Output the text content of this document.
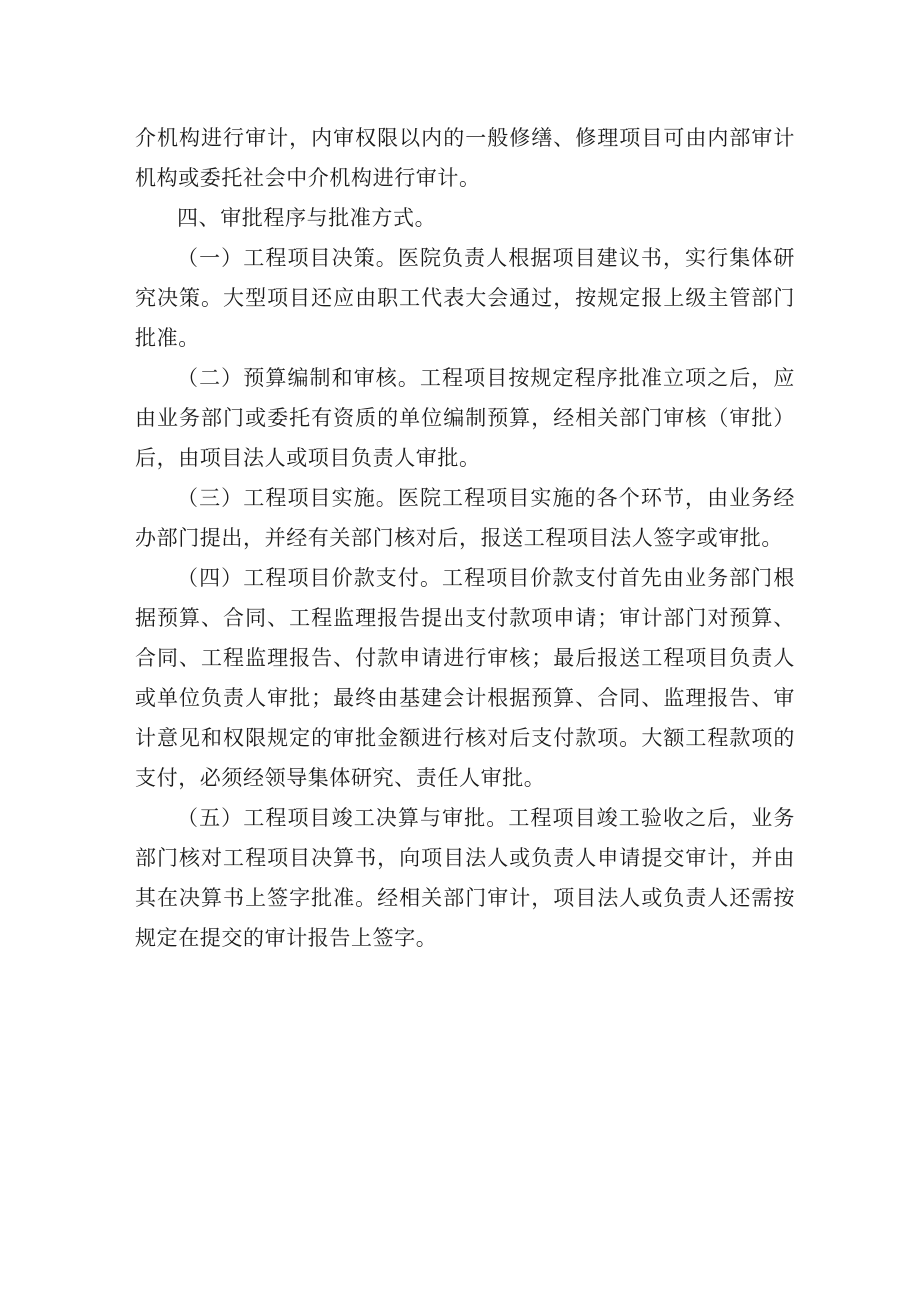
介机构进行审计，内审权限以内的一般修缮、修理项目可由内部审计机构或委托社会中介机构进行审计。

四、审批程序与批准方式。

（一）工程项目决策。医院负责人根据项目建议书，实行集体研究决策。大型项目还应由职工代表大会通过，按规定报上级主管部门批准。

（二）预算编制和审核。工程项目按规定程序批准立项之后，应由业务部门或委托有资质的单位编制预算，经相关部门审核（审批）后，由项目法人或项目负责人审批。

（三）工程项目实施。医院工程项目实施的各个环节，由业务经办部门提出，并经有关部门核对后，报送工程项目法人签字或审批。

（四）工程项目价款支付。工程项目价款支付首先由业务部门根据预算、合同、工程监理报告提出支付款项申请；审计部门对预算、合同、工程监理报告、付款申请进行审核；最后报送工程项目负责人或单位负责人审批；最终由基建会计根据预算、合同、监理报告、审计意见和权限规定的审批金额进行核对后支付款项。大额工程款项的支付，必须经领导集体研究、责任人审批。

（五）工程项目竣工决算与审批。工程项目竣工验收之后，业务部门核对工程项目决算书，向项目法人或负责人申请提交审计，并由其在决算书上签字批准。经相关部门审计，项目法人或负责人还需按规定在提交的审计报告上签字。
